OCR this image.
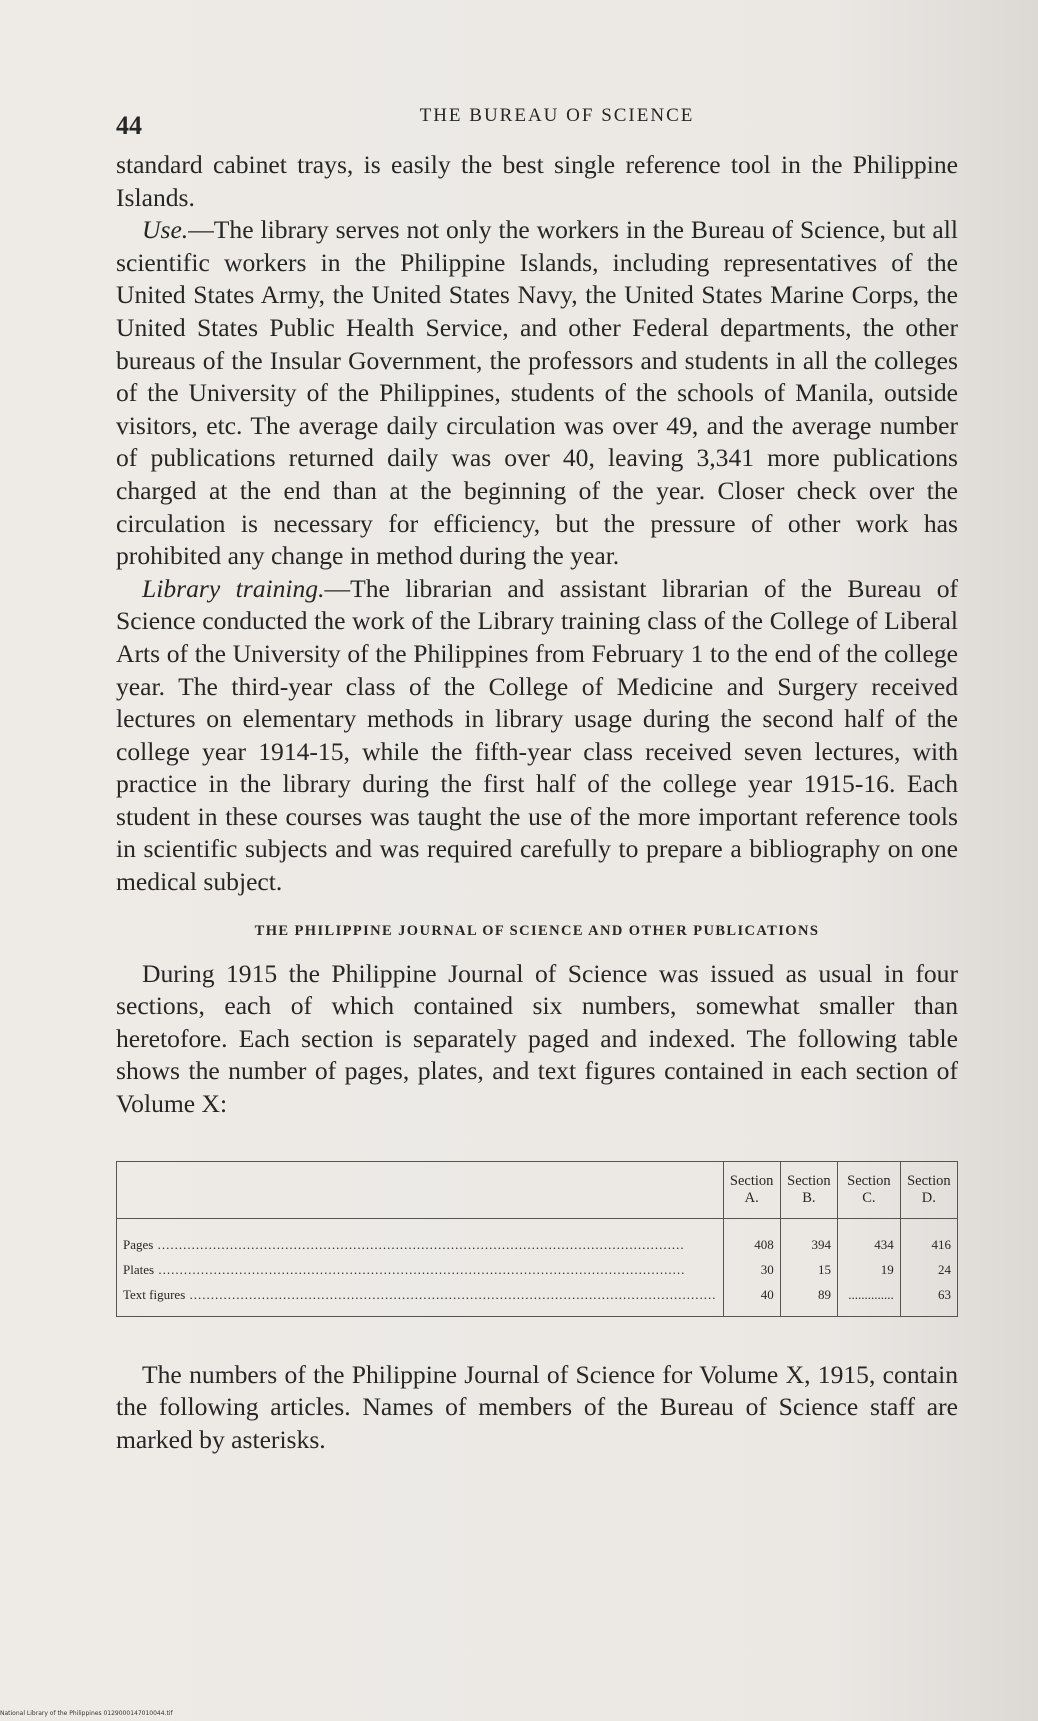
44	THE BUREAU OF SCIENCE

standard cabinet trays, is easily the best single reference tool in the Philippine Islands.

Use.—The library serves not only the workers in the Bureau of Science, but all scientific workers in the Philippine Islands, including representatives of the United States Army, the United States Navy, the United States Marine Corps, the United States Public Health Service, and other Federal departments, the other bureaus of the Insular Government, the professors and students in all the colleges of the University of the Philippines, students of the schools of Manila, outside visitors, etc. The average daily circulation was over 49, and the average number of publications returned daily was over 40, leaving 3,341 more publications charged at the end than at the beginning of the year. Closer check over the circulation is necessary for efficiency, but the pressure of other work has prohibited any change in method during the year.

Library training.—The librarian and assistant librarian of the Bureau of Science conducted the work of the Library training class of the College of Liberal Arts of the University of the Philippines from February 1 to the end of the college year. The third-year class of the College of Medicine and Surgery received lectures on elementary methods in library usage during the second half of the college year 1914-15, while the fifth-year class received seven lectures, with practice in the library during the first half of the college year 1915-16. Each student in these courses was taught the use of the more important reference tools in scientific subjects and was required carefully to prepare a bibliography on one medical subject.

THE PHILIPPINE JOURNAL OF SCIENCE AND OTHER PUBLICATIONS

During 1915 the Philippine Journal of Science was issued as usual in four sections, each of which contained six numbers, somewhat smaller than heretofore. Each section is separately paged and indexed. The following table shows the number of pages, plates, and text figures contained in each section of Volume X:

	Section A.	Section B.	Section C.	Section D.
Pages .....	408	394	434	416
Plates .....	30	15	19	24
Text figures .....	40	89	..............	63

The numbers of the Philippine Journal of Science for Volume X, 1915, contain the following articles. Names of members of the Bureau of Science staff are marked by asterisks.

National Library of the Philippines 0129000147010044.tif
